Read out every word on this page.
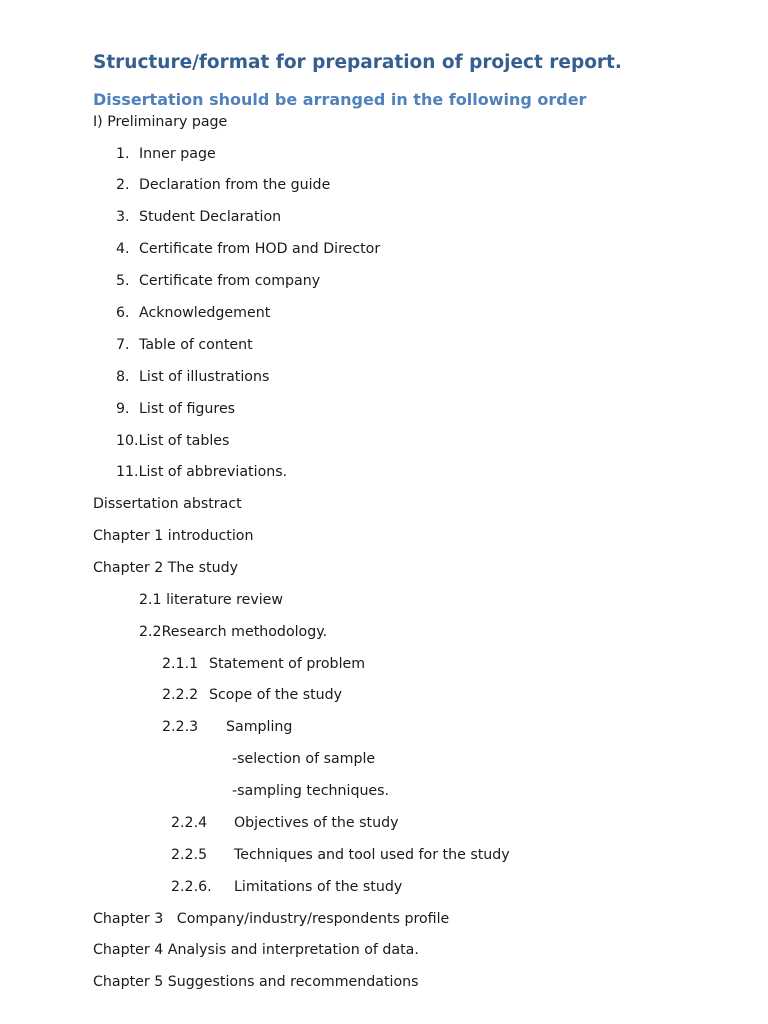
Structure/format for preparation of project report.
Dissertation should be arranged in the following order
I) Preliminary page
1. Inner page
2. Declaration from the guide
3. Student Declaration
4. Certificate from HOD and Director
5. Certificate from company
6. Acknowledgement
7. Table of content
8. List of illustrations
9. List of figures
10.List of tables
11.List of abbreviations.
Dissertation abstract
Chapter 1 introduction
Chapter 2 The study
2.1 literature review
2.2Research methodology.
2.1.1 Statement of problem
2.2.2 Scope of the study
2.2.3 Sampling
-selection of sample
-sampling techniques.
2.2.4 Objectives of the study
2.2.5 Techniques and tool used for the study
2.2.6. Limitations of the study
Chapter 3   Company/industry/respondents profile
Chapter 4 Analysis and interpretation of data.
Chapter 5 Suggestions and recommendations
